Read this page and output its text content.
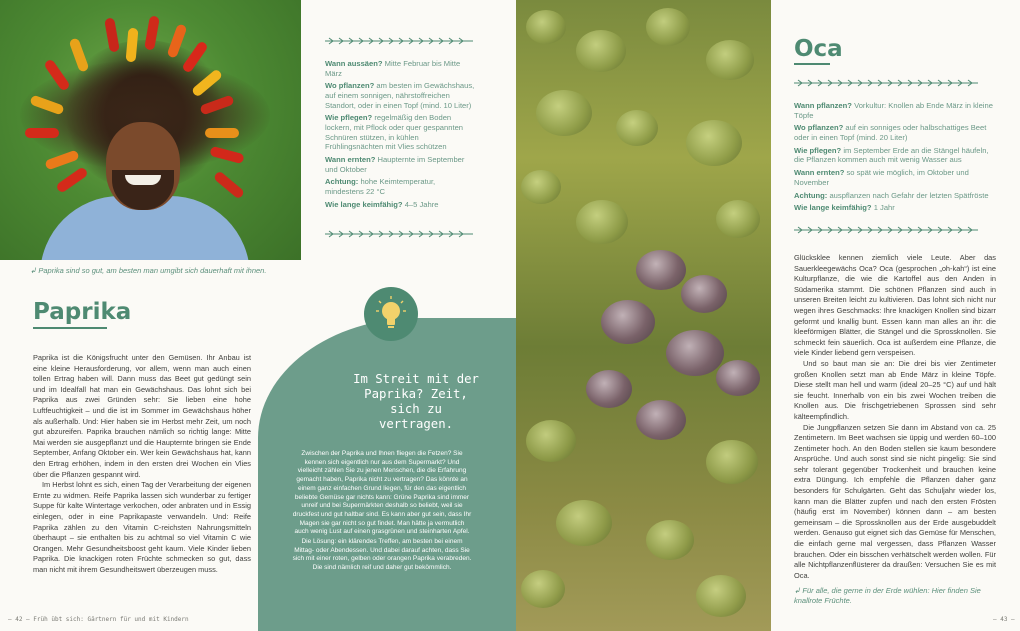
↲ Paprika sind so gut, am besten man umgibt sich dauerhaft mit ihnen.
Paprika

Paprika ist die Königsfrucht unter den Gemüsen. Ihr Anbau ist eine kleine Herausforderung, vor allem, wenn man auch einen tollen Ertrag haben will. Dann muss das Beet gut gedüngt sein und im Idealfall hat man ein Gewächshaus. Das lohnt sich bei Paprika aus zwei Gründen sehr: Sie lieben eine hohe Luftfeuchtigkeit – und die ist im Sommer im Gewächshaus höher als außerhalb. Und: Hier haben sie im Herbst mehr Zeit, um noch gut abzureifen. Paprika brauchen nämlich so richtig lange: Mitte Mai werden sie ausgepflanzt und die Haupternte bringen sie Ende September, Anfang Oktober ein. Wer kein Gewächshaus hat, kann den Ertrag erhöhen, indem in den ersten drei Wochen ein Vlies über die Pflanzen gespannt wird.

Im Herbst lohnt es sich, einen Tag der Verarbeitung der eigenen Ernte zu widmen. Reife Paprika lassen sich wunderbar zu fertiger Suppe für kalte Wintertage verkochen, oder anbraten und in Essig einlegen, oder in eine Paprikapaste verwandeln. Und: Reife Paprika zählen zu den Vitamin C-reichsten Nahrungsmitteln überhaupt – sie enthalten bis zu achtmal so viel Vitamin C wie Orangen. Mehr Gesundheitsboost geht kaum. Viele Kinder lieben Paprika. Die knackigen roten Früchte schmecken so gut, dass man nicht mit ihrem Gesundheitswert überzeugen muss.

Wann aussäen? Mitte Februar bis Mitte März

Wo pflanzen? am besten im Gewächshaus, auf einem sonnigen, nährstoffreichen Standort, oder in einen Topf (mind. 10 Liter)

Wie pflegen? regelmäßig den Boden lockern, mit Pflock oder quer gespannten Schnüren stützen, in kühlen Frühlingsnächten mit Vlies schützen

Wann ernten? Haupternte im September und Oktober

Achtung: hohe Keimtemperatur, mindestens 22 °C

Wie lange keimfähig? 4–5 Jahre

Im Streit mit der Paprika? Zeit, sich zu vertragen.

Zwischen der Paprika und Ihnen fliegen die Fetzen? Sie kennen sich eigentlich nur aus dem Supermarkt? Und vielleicht zählen Sie zu jenen Menschen, die die Erfahrung gemacht haben, Paprika nicht zu vertragen? Das könnte an einem ganz einfachen Grund liegen, für den das eigentlich beliebte Gemüse gar nichts kann: Grüne Paprika sind immer unreif und bei Supermärkten deshalb so beliebt, weil sie druckfest und gut haltbar sind. Es kann aber gut sein, dass Ihr Magen sie gar nicht so gut findet. Man hätte ja vermutlich auch wenig Lust auf einen grasgrünen und steinharten Apfel.

Die Lösung: ein klärendes Treffen, am besten bei einem Mittag- oder Abendessen. Und dabei darauf achten, dass Sie sich mit einer roten, gelben oder orangen Paprika verabreden. Die sind nämlich reif und daher gut bekömmlich.

– 42 – Früh übt sich: Gärtnern für und mit Kindern
Oca

Wann pflanzen? Vorkultur: Knollen ab Ende März in kleine Töpfe

Wo pflanzen? auf ein sonniges oder halbschattiges Beet oder in einen Topf (mind. 20 Liter)

Wie pflegen? im September Erde an die Stängel häufeln, die Pflanzen kommen auch mit wenig Wasser aus

Wann ernten? so spät wie möglich, im Oktober und November

Achtung: auspflanzen nach Gefahr der letzten Spätfröste

Wie lange keimfähig? 1 Jahr

Glücksklee kennen ziemlich viele Leute. Aber das Sauerkleegewächs Oca? Oca (gesprochen „oh-kah“) ist eine Kulturpflanze, die wie die Kartoffel aus den Anden in Südamerika stammt. Die schönen Pflanzen sind auch in unseren Breiten leicht zu kultivieren. Das lohnt sich nicht nur wegen ihres Geschmacks: Ihre knackigen Knollen sind bizarr geformt und knallig bunt. Essen kann man alles an ihr: die kleeförmigen Blätter, die Stängel und die Sprossknollen. Sie schmeckt fein säuerlich. Oca ist außerdem eine Pflanze, die viele Kinder liebend gern verspeisen.

Und so baut man sie an: Die drei bis vier Zentimeter großen Knollen setzt man ab Ende März in kleine Töpfe. Diese stellt man hell und warm (ideal 20–25 °C) auf und hält sie feucht. Innerhalb von ein bis zwei Wochen treiben die Knollen aus. Die frischgetriebenen Sprossen sind sehr kälteempfindlich.

Die Jungpflanzen setzen Sie dann im Abstand von ca. 25 Zentimetern. Im Beet wachsen sie üppig und werden 60–100 Zentimeter hoch. An den Boden stellen sie kaum besondere Ansprüche. Und auch sonst sind sie nicht pingelig: Sie sind sehr tolerant gegenüber Trockenheit und brauchen keine extra Düngung. Ich empfehle die Pflanzen daher ganz besonders für Schulgärten. Geht das Schuljahr wieder los, kann man die Blätter zupfen und nach den ersten Frösten (häufig erst im November) können dann – am besten gemeinsam – die Sprossknollen aus der Erde ausgebuddelt werden. Genauso gut eignet sich das Gemüse für Menschen, die einfach gerne mal vergessen, dass Pflanzen Wasser brauchen. Oder ein bisschen verhätschelt werden wollen. Für alle Nichtpflanzenflüsterer da draußen: Versuchen Sie es mit Oca.

↲ Für alle, die gerne in der Erde wühlen: Hier finden Sie knallrote Früchte.
– 43 –
